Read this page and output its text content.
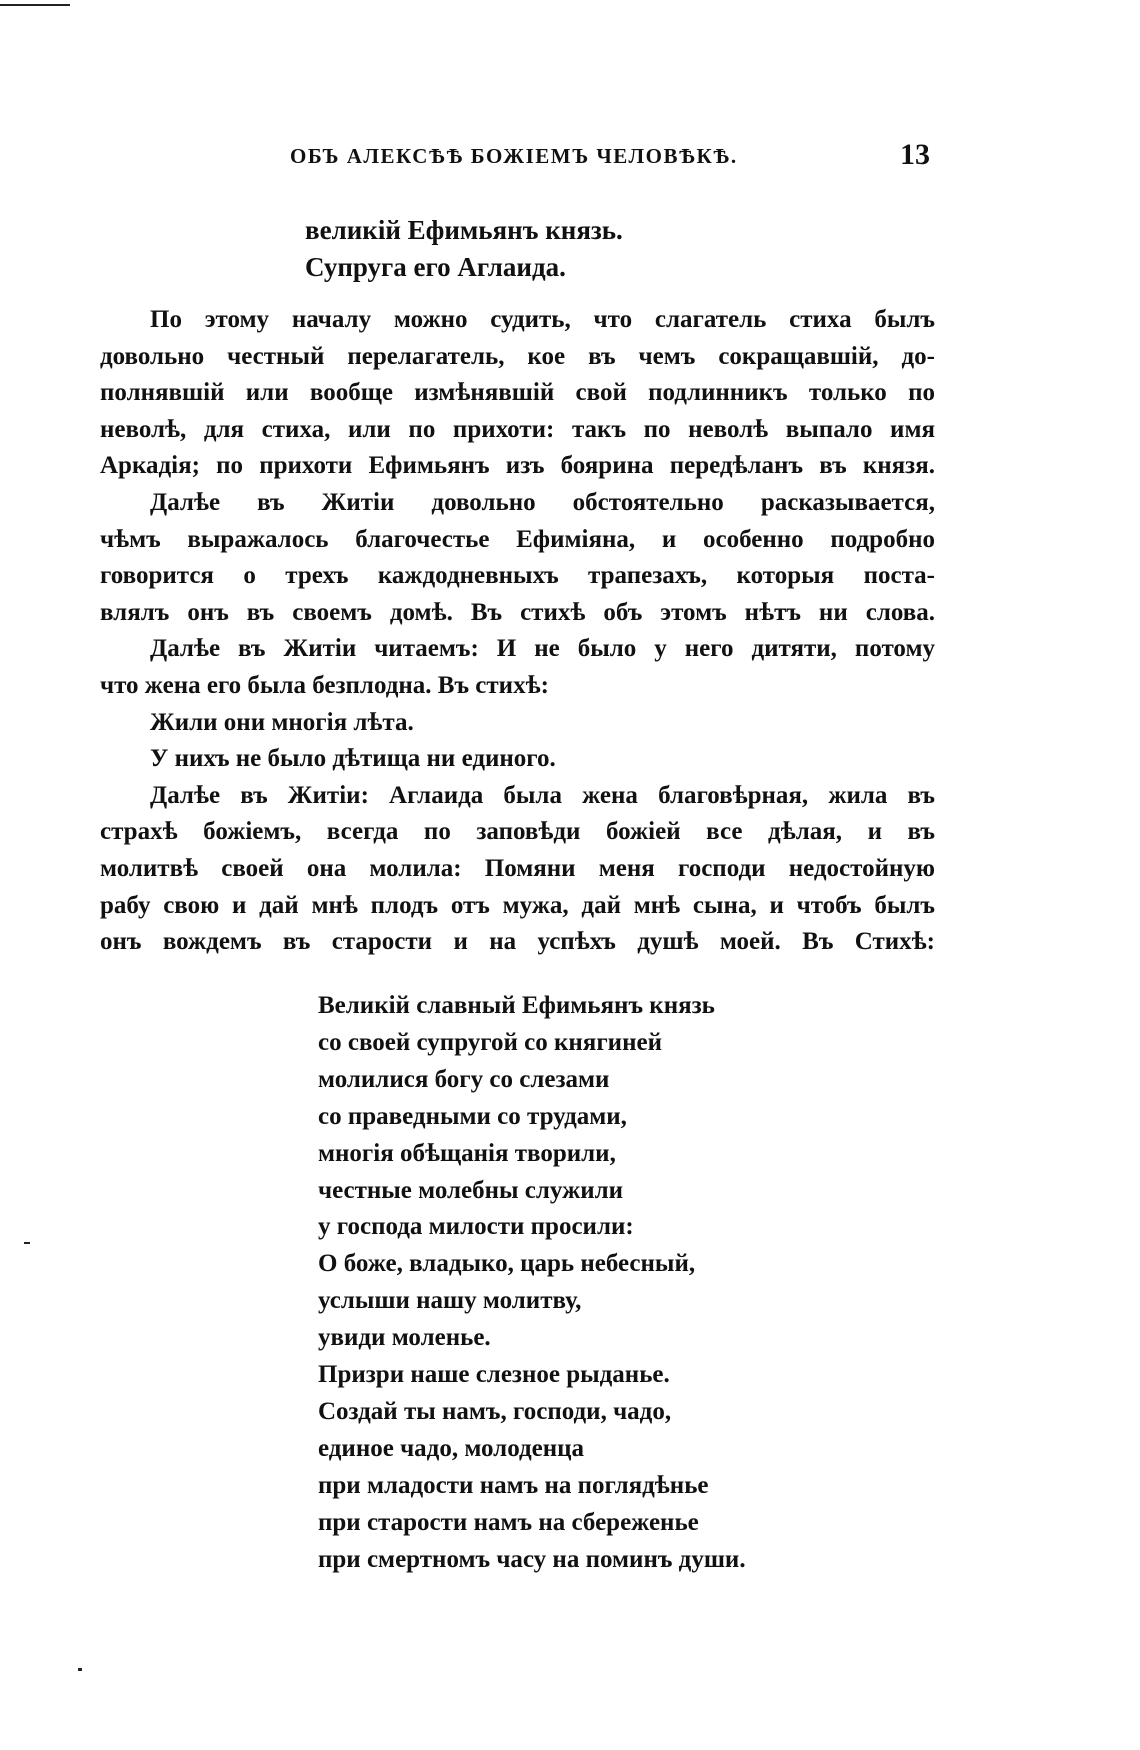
ОБЪ АЛЕКСѢѢ БОЖІЕМЪ ЧЕЛОВѢКѢ.	13
великій Ефимьянъ князь.
Супруга его Аглаида.
По этому началу можно судить, что слагатель стиха былъ
довольно честный перелагатель, кое въ чемъ сокращавшій, до-
полнявшій или вообще измѣнявшій свой подлинникъ только по
неволѣ, для стиха, или по прихоти: такъ по неволѣ выпало имя
Аркадія; по прихоти Ефимьянъ изъ боярина передѣланъ въ князя.
Далѣе въ Житіи довольно обстоятельно расказывается,
чѣмъ выражалось благочестье Ефиміяна, и особенно подробно
говорится о трехъ каждодневныхъ трапезахъ, которыя поста-
влялъ онъ въ своемъ домѣ. Въ стихѣ объ этомъ нѣтъ ни слова.
Далѣе въ Житіи читаемъ: И не было у него дитяти, потому
что жена его была безплодна. Въ стихѣ:
Жили они многія лѣта.
У нихъ не было дѣтища ни единого.
Далѣе въ Житіи: Аглаида была жена благовѣрная, жила въ
страхѣ божіемъ, всегда по заповѣди божіей все дѣлая, и въ
молитвѣ своей она молила: Помяни меня господи недостойную
рабу свою и дай мнѣ плодъ отъ мужа, дай мнѣ сына, и чтобъ былъ
онъ вождемъ въ старости и на успѣхъ душѣ моей. Въ Стихѣ:
Великій славный Ефимьянъ князь
со своей супругой со княгиней
молилися богу со слезами
со праведными со трудами,
многія обѣщанія творили,
честные молебны служили
у господа милости просили:
О боже, владыко, царь небесный,
услыши нашу молитву,
увиди моленье.
Призри наше слезное рыданье.
Создай ты намъ, господи, чадо,
единое чадо, молоденца
при младости намъ на поглядѣнье
при старости намъ на сбереженье
при смертномъ часу на поминъ души.
